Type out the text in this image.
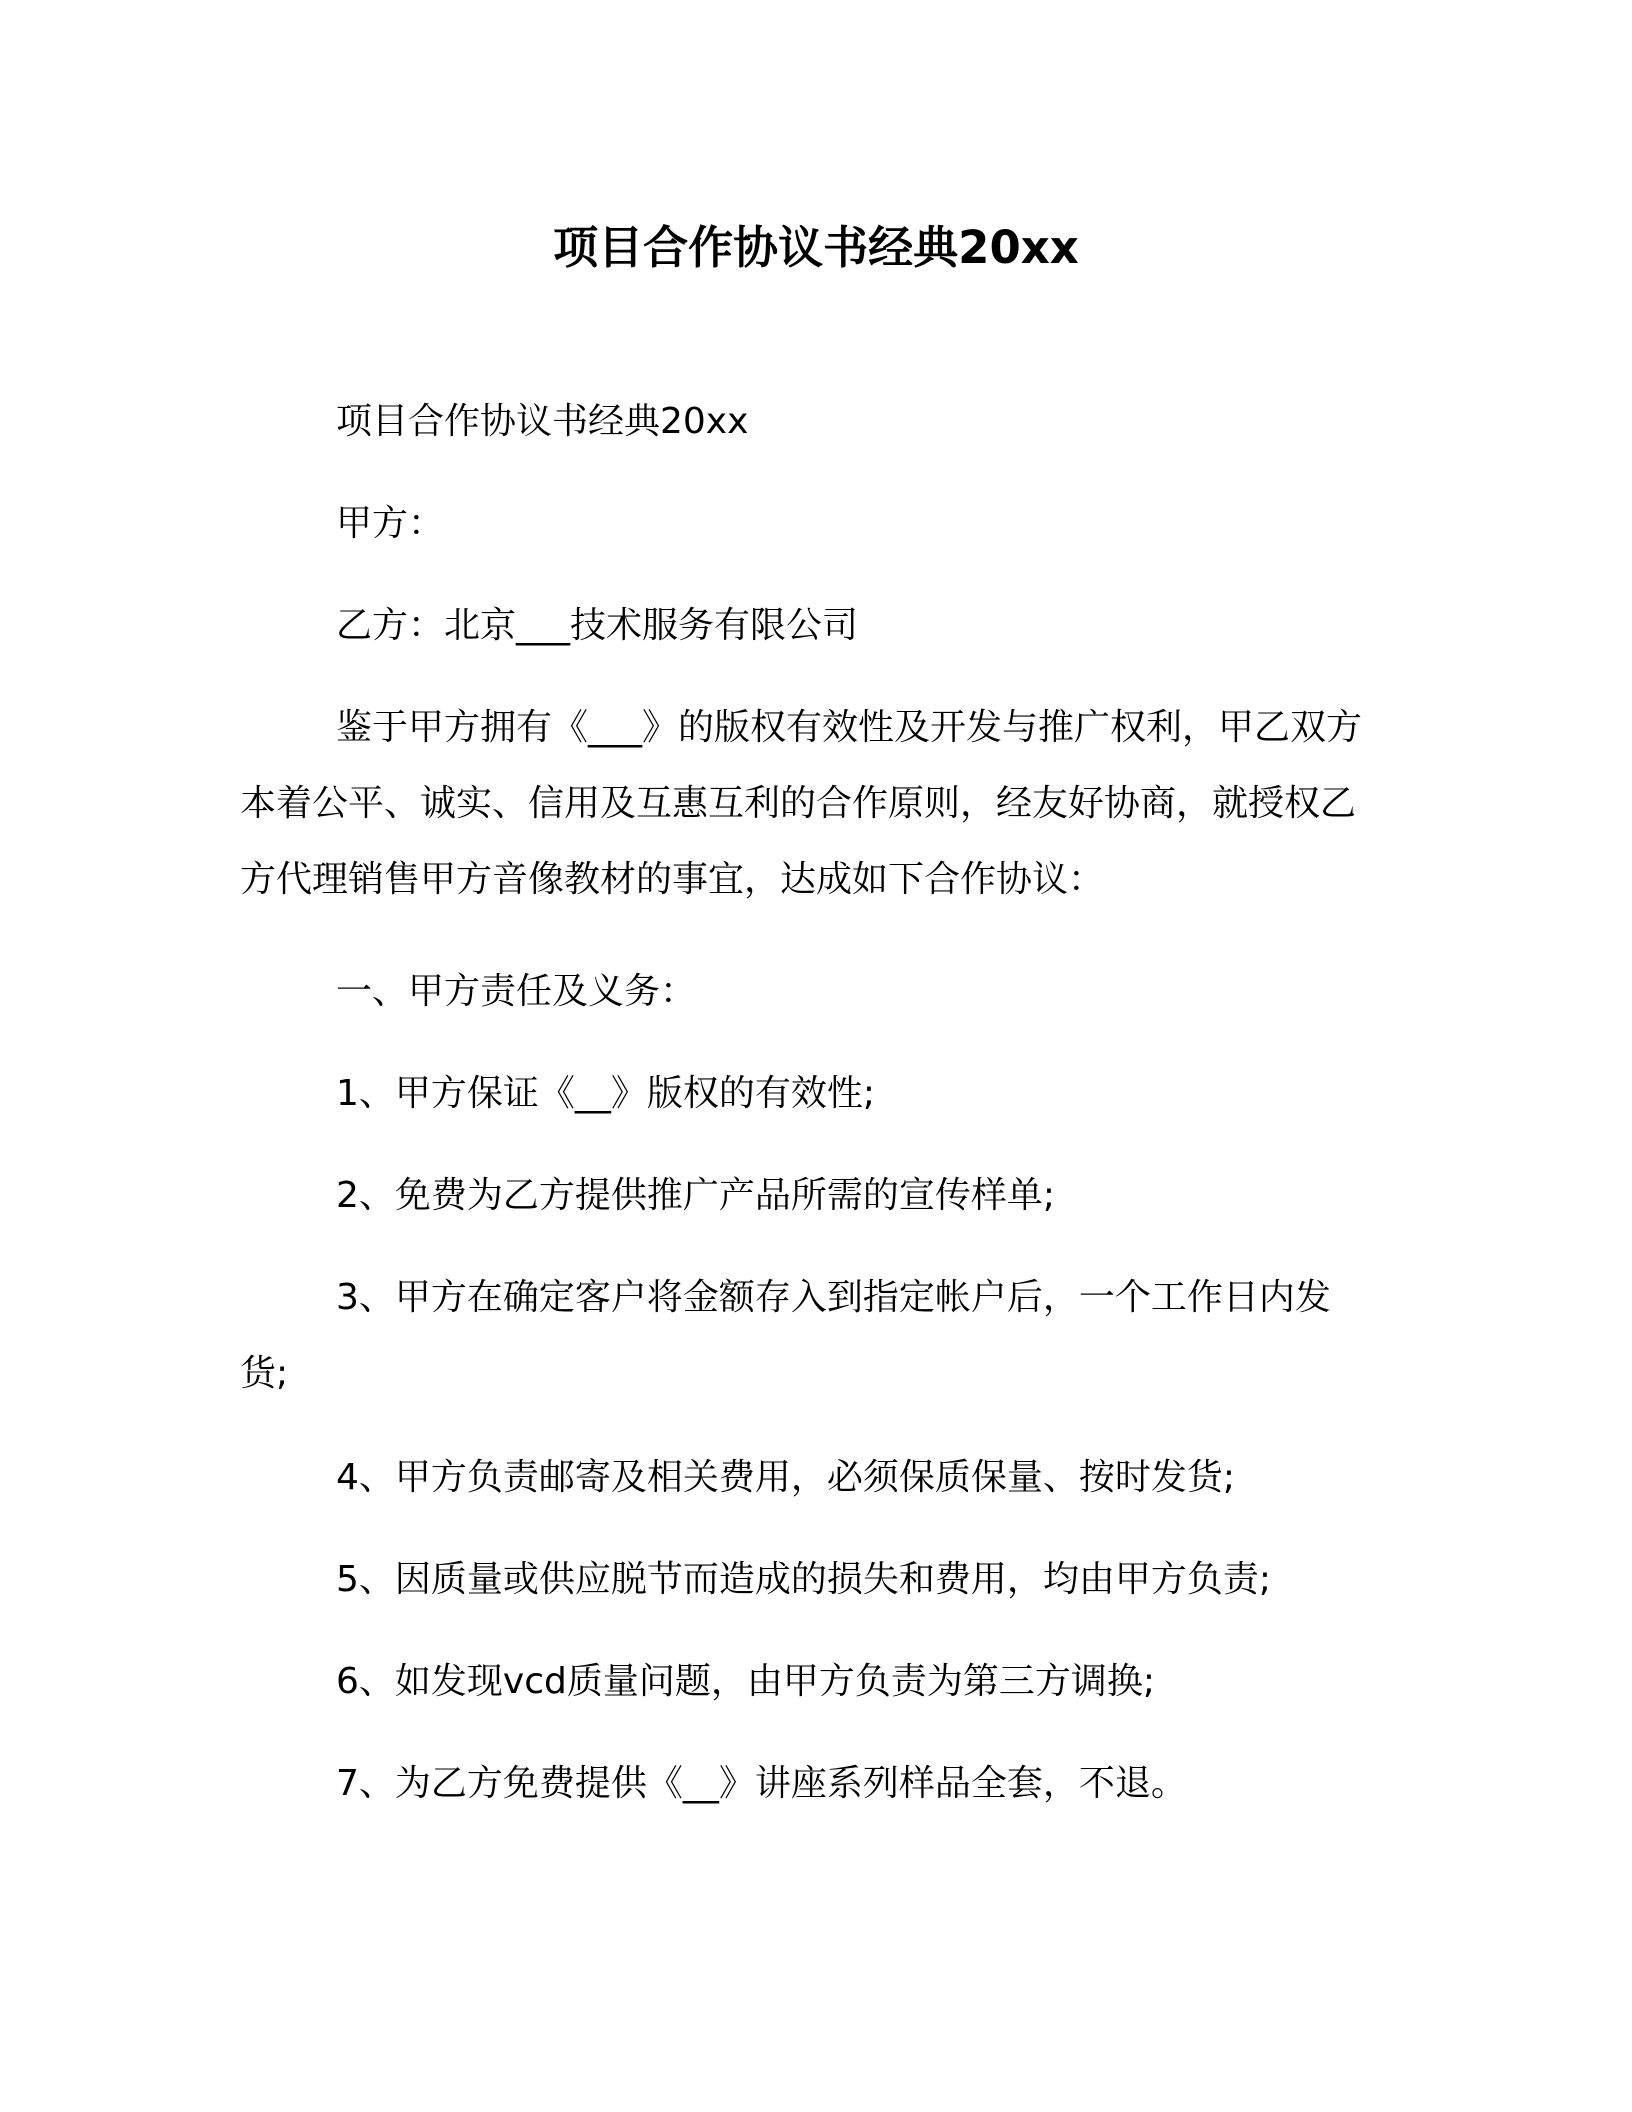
项目合作协议书经典20xx
项目合作协议书经典20xx
甲方：
乙方：北京___技术服务有限公司
鉴于甲方拥有《___》的版权有效性及开发与推广权利，甲乙双方本着公平、诚实、信用及互惠互利的合作原则，经友好协商，就授权乙方代理销售甲方音像教材的事宜，达成如下合作协议：
一、甲方责任及义务：
1、甲方保证《__》版权的有效性;
2、免费为乙方提供推广产品所需的宣传样单;
3、甲方在确定客户将金额存入到指定帐户后，一个工作日内发货;
4、甲方负责邮寄及相关费用，必须保质保量、按时发货;
5、因质量或供应脱节而造成的损失和费用，均由甲方负责;
6、如发现vcd质量问题，由甲方负责为第三方调换;
7、为乙方免费提供《__》讲座系列样品全套，不退。
